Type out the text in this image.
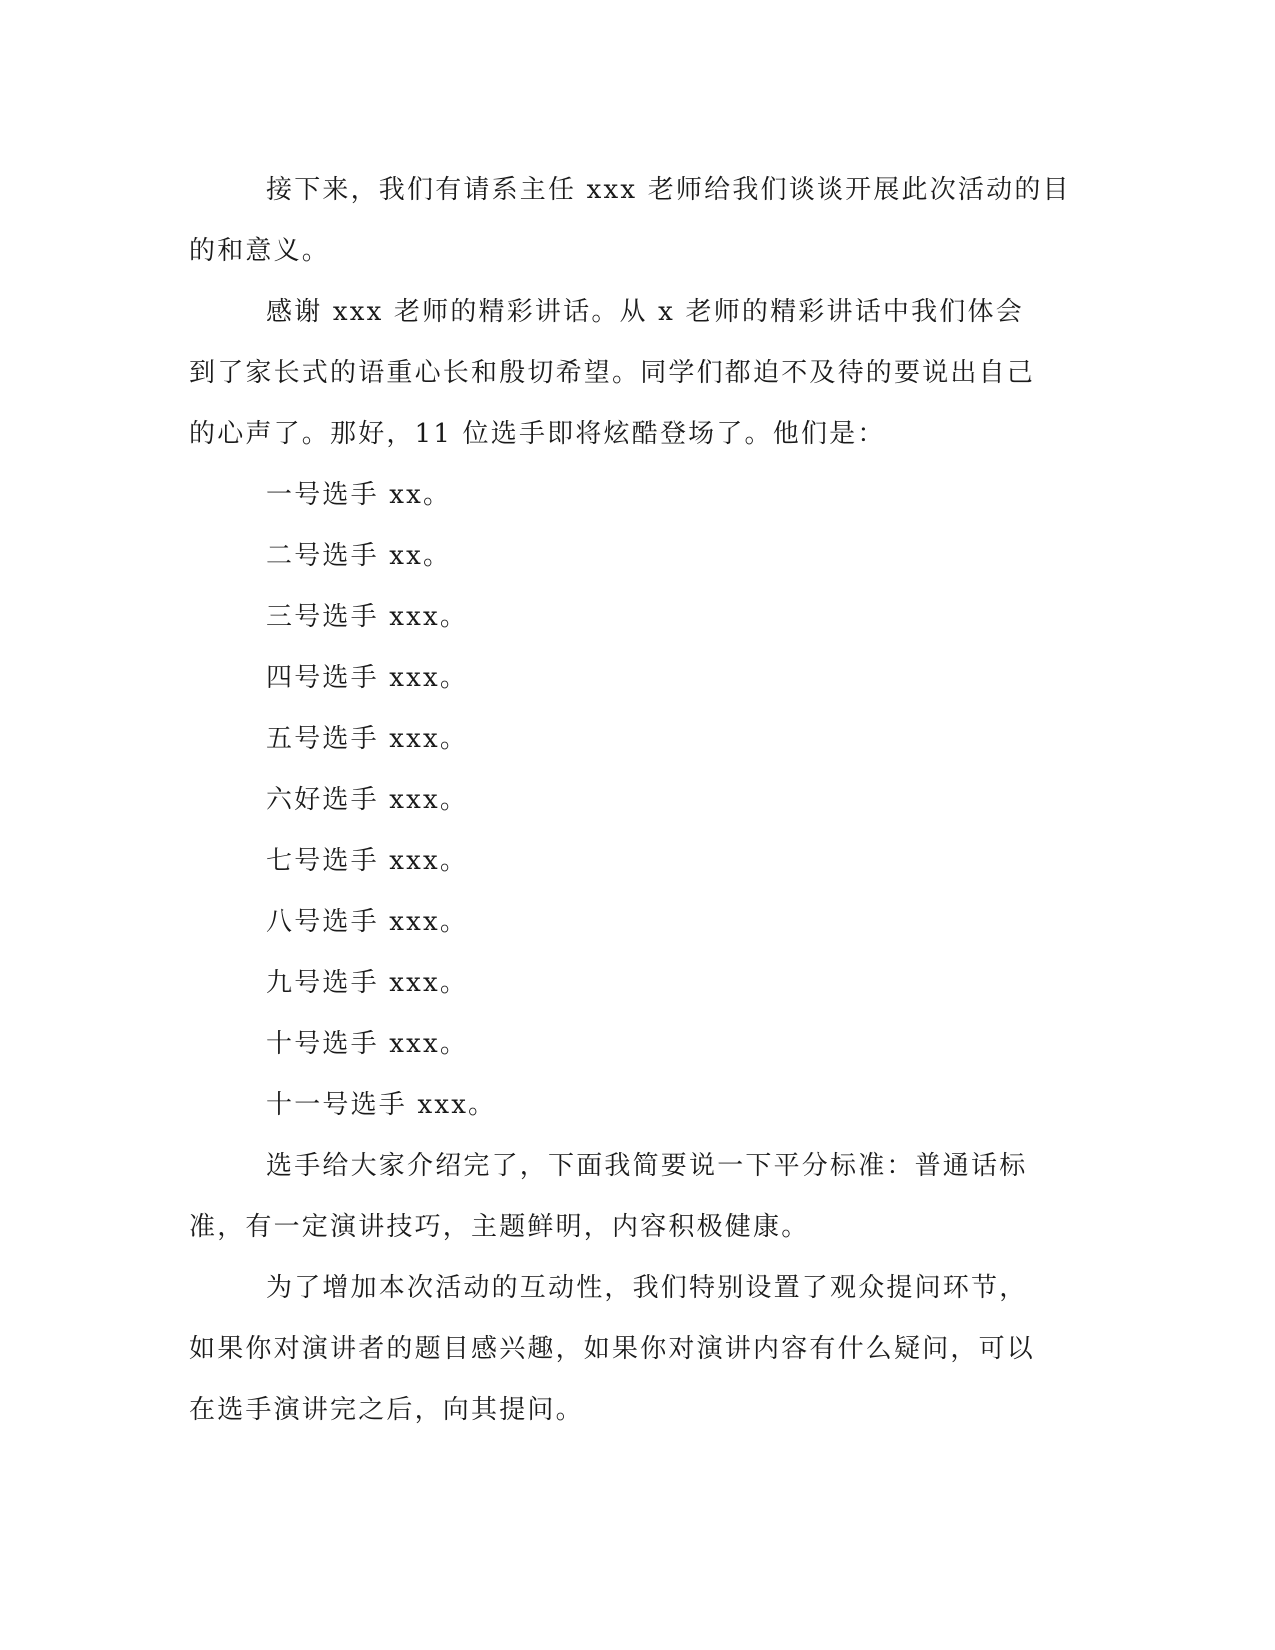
接下来，我们有请系主任 xxx 老师给我们谈谈开展此次活动的目的和意义。

感谢 xxx 老师的精彩讲话。从 x 老师的精彩讲话中我们体会到了家长式的语重心长和殷切希望。同学们都迫不及待的要说出自己的心声了。那好，11 位选手即将炫酷登场了。他们是：

一号选手 xx。

二号选手 xx。

三号选手 xxx。

四号选手 xxx。

五号选手 xxx。

六好选手 xxx。

七号选手 xxx。

八号选手 xxx。

九号选手 xxx。

十号选手 xxx。

十一号选手 xxx。

选手给大家介绍完了，下面我简要说一下平分标准：普通话标准，有一定演讲技巧，主题鲜明，内容积极健康。

为了增加本次活动的互动性，我们特别设置了观众提问环节，如果你对演讲者的题目感兴趣，如果你对演讲内容有什么疑问，可以在选手演讲完之后，向其提问。
